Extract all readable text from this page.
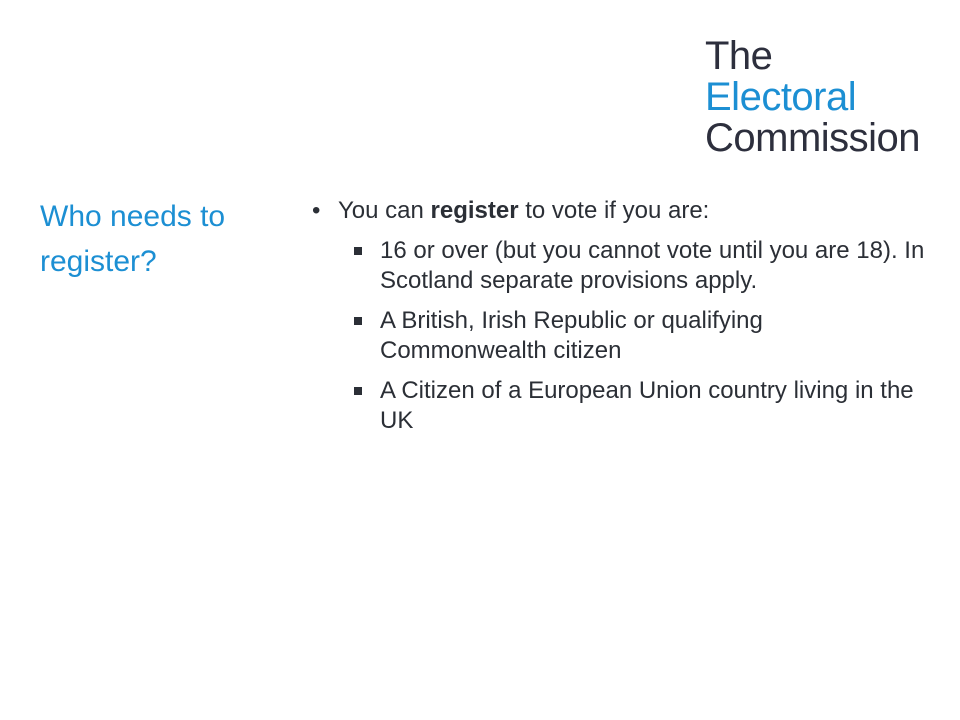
The
Electoral
Commission
Who needs to register?
• You can register to vote if you are:
16 or over (but you cannot vote until you are 18). In Scotland separate provisions apply.
A British, Irish Republic or qualifying Commonwealth citizen
A Citizen of a European Union country living in the UK
